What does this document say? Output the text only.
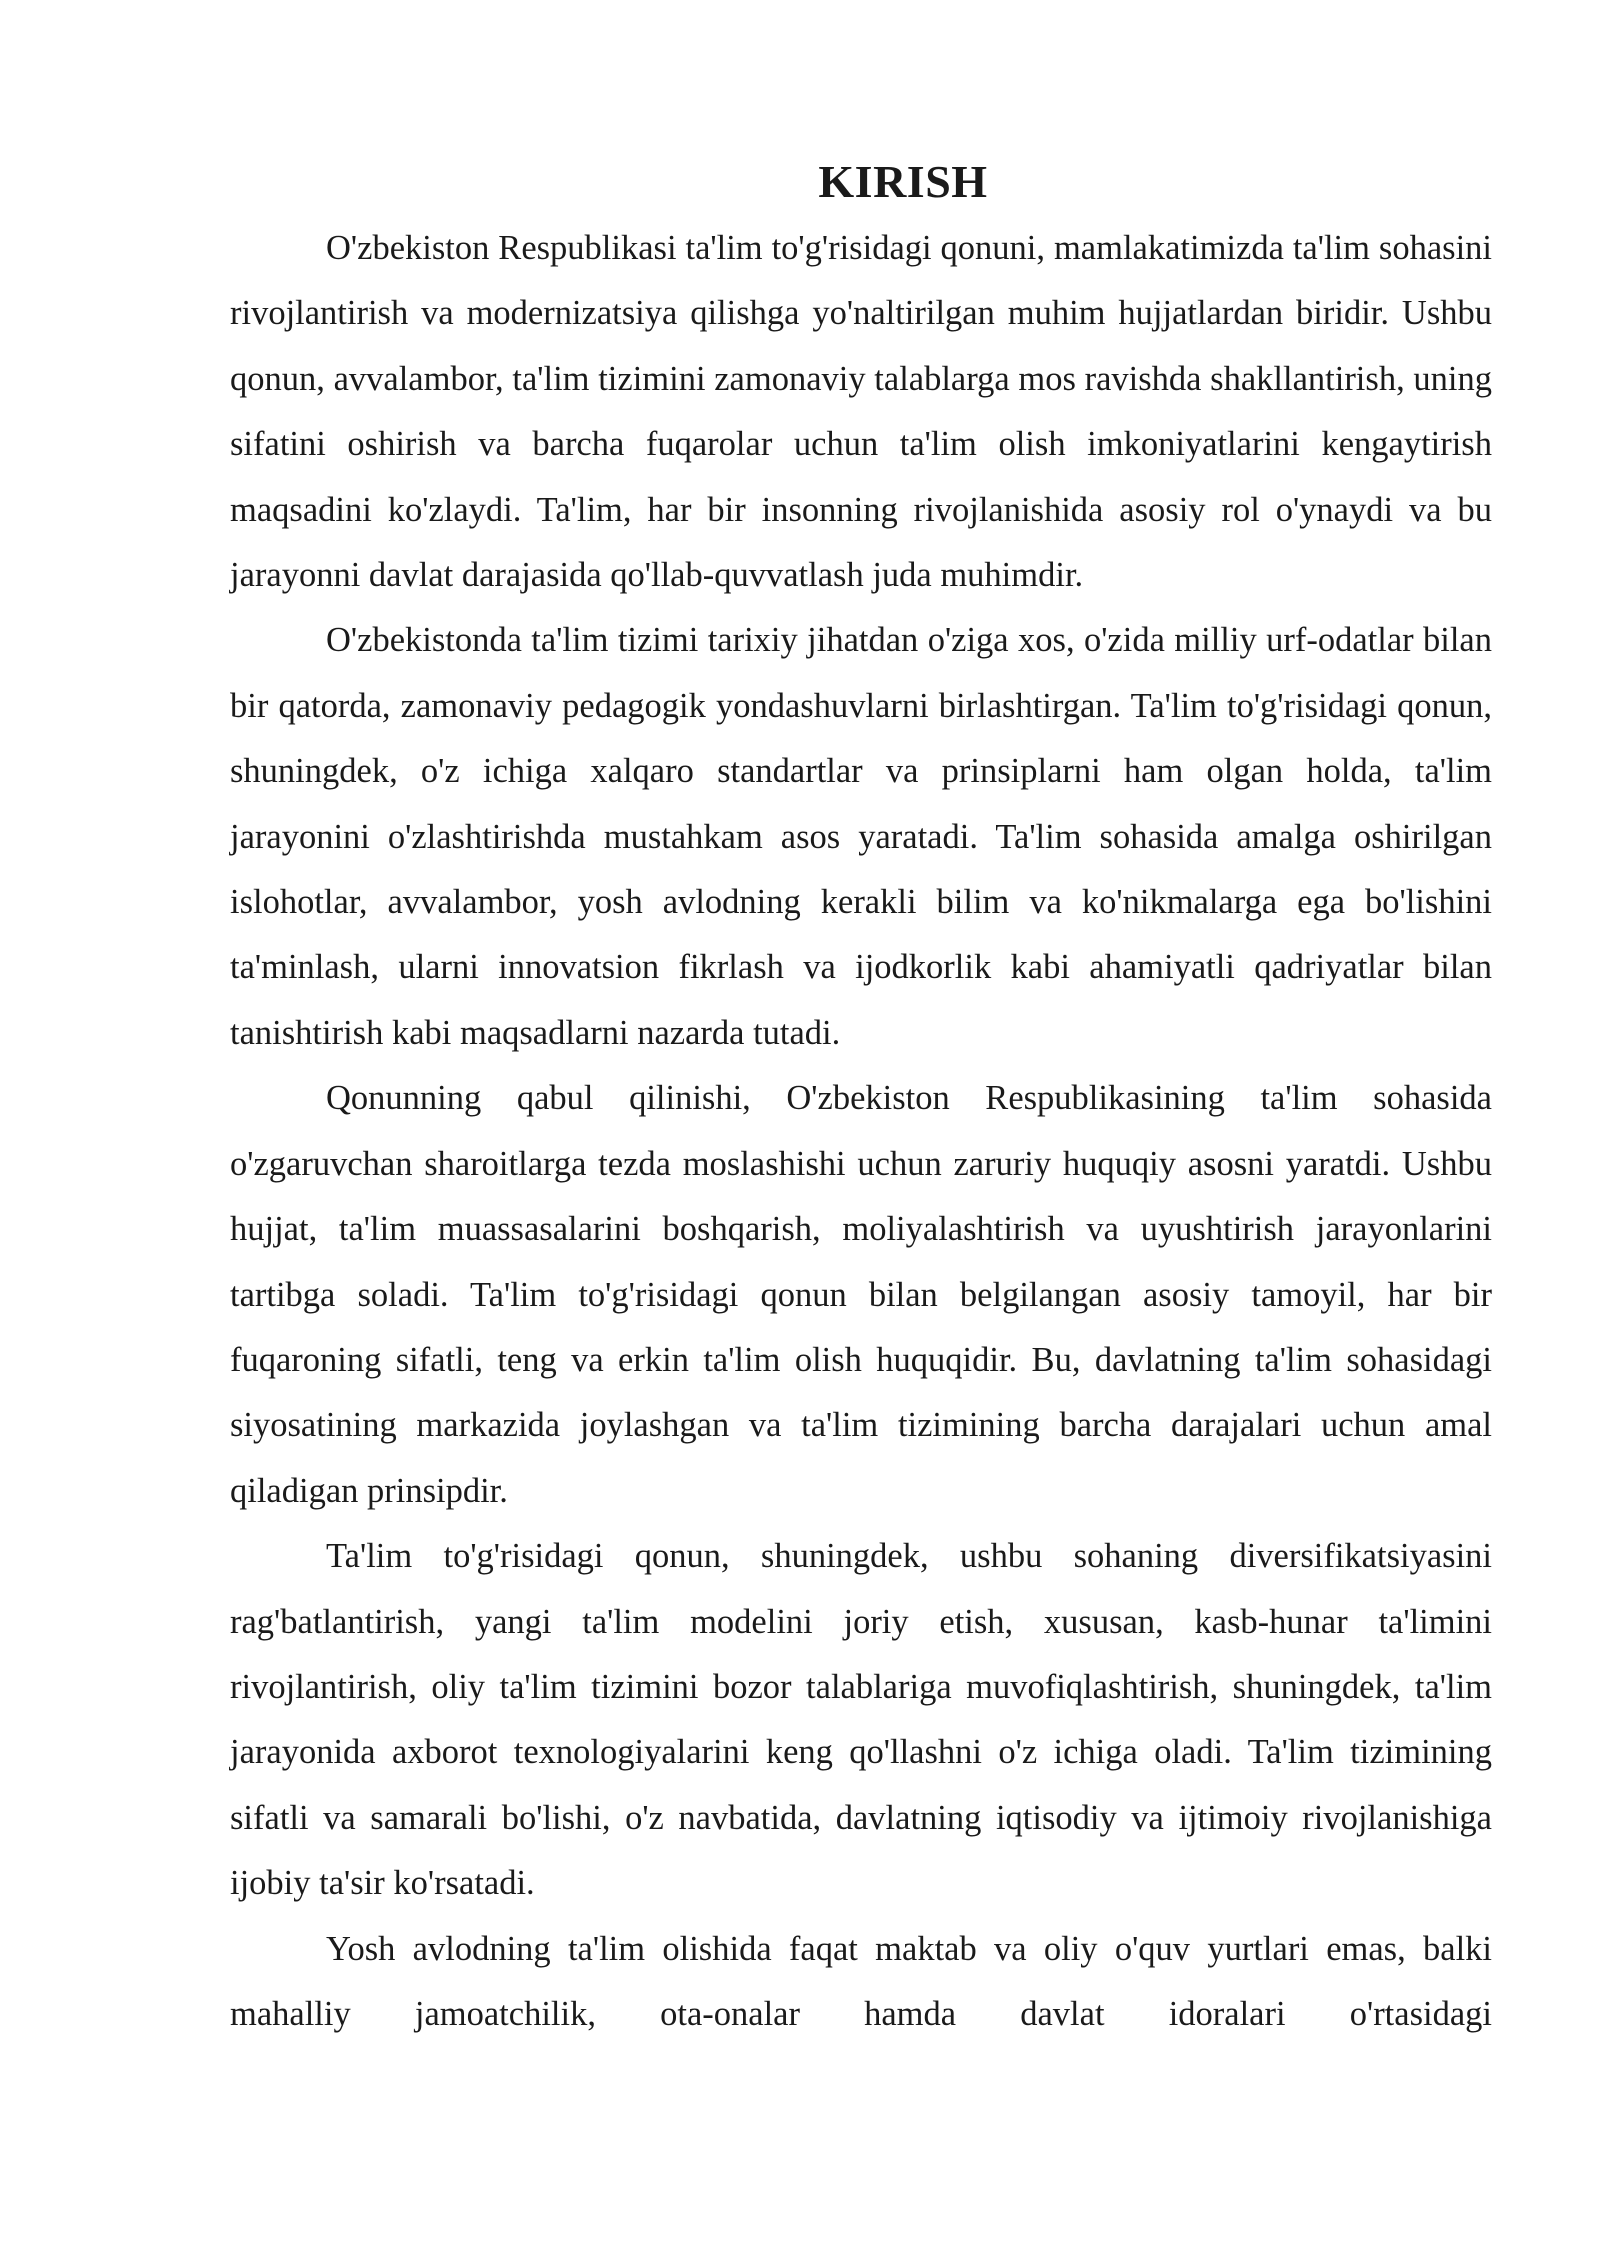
KIRISH

O'zbekiston Respublikasi ta'lim to'g'risidagi qonuni, mamlakatimizda ta'lim sohasini rivojlantirish va modernizatsiya qilishga yo'naltirilgan muhim hujjatlardan biridir. Ushbu qonun, avvalambor, ta'lim tizimini zamonaviy talablarga mos ravishda shakllantirish, uning sifatini oshirish va barcha fuqarolar uchun ta'lim olish imkoniyatlarini kengaytirish maqsadini ko'zlaydi. Ta'lim, har bir insonning rivojlanishida asosiy rol o'ynaydi va bu jarayonni davlat darajasida qo'llab-quvvatlash juda muhimdir.

O'zbekistonda ta'lim tizimi tarixiy jihatdan o'ziga xos, o'zida milliy urf-odatlar bilan bir qatorda, zamonaviy pedagogik yondashuvlarni birlashtirgan. Ta'lim to'g'risidagi qonun, shuningdek, o'z ichiga xalqaro standartlar va prinsiplarni ham olgan holda, ta'lim jarayonini o'zlashtirishda mustahkam asos yaratadi. Ta'lim sohasida amalga oshirilgan islohotlar, avvalambor, yosh avlodning kerakli bilim va ko'nikmalarga ega bo'lishini ta'minlash, ularni innovatsion fikrlash va ijodkorlik kabi ahamiyatli qadriyatlar bilan tanishtirish kabi maqsadlarni nazarda tutadi.

Qonunning qabul qilinishi, O'zbekiston Respublikasining ta'lim sohasida o'zgaruvchan sharoitlarga tezda moslashishi uchun zaruriy huquqiy asosni yaratdi. Ushbu hujjat, ta'lim muassasalarini boshqarish, moliyalashtirish va uyushtirish jarayonlarini tartibga soladi. Ta'lim to'g'risidagi qonun bilan belgilangan asosiy tamoyil, har bir fuqaroning sifatli, teng va erkin ta'lim olish huquqidir. Bu, davlatning ta'lim sohasidagi siyosatining markazida joylashgan va ta'lim tizimining barcha darajalari uchun amal qiladigan prinsipdir.

Ta'lim to'g'risidagi qonun, shuningdek, ushbu sohaning diversifikatsiyasini rag'batlantirish, yangi ta'lim modelini joriy etish, xususan, kasb-hunar ta'limini rivojlantirish, oliy ta'lim tizimini bozor talablariga muvofiqlashtirish, shuningdek, ta'lim jarayonida axborot texnologiyalarini keng qo'llashni o'z ichiga oladi. Ta'lim tizimining sifatli va samarali bo'lishi, o'z navbatida, davlatning iqtisodiy va ijtimoiy rivojlanishiga ijobiy ta'sir ko'rsatadi.

Yosh avlodning ta'lim olishida faqat maktab va oliy o'quv yurtlari emas, balki mahalliy jamoatchilik, ota-onalar hamda davlat idoralari o'rtasidagi
